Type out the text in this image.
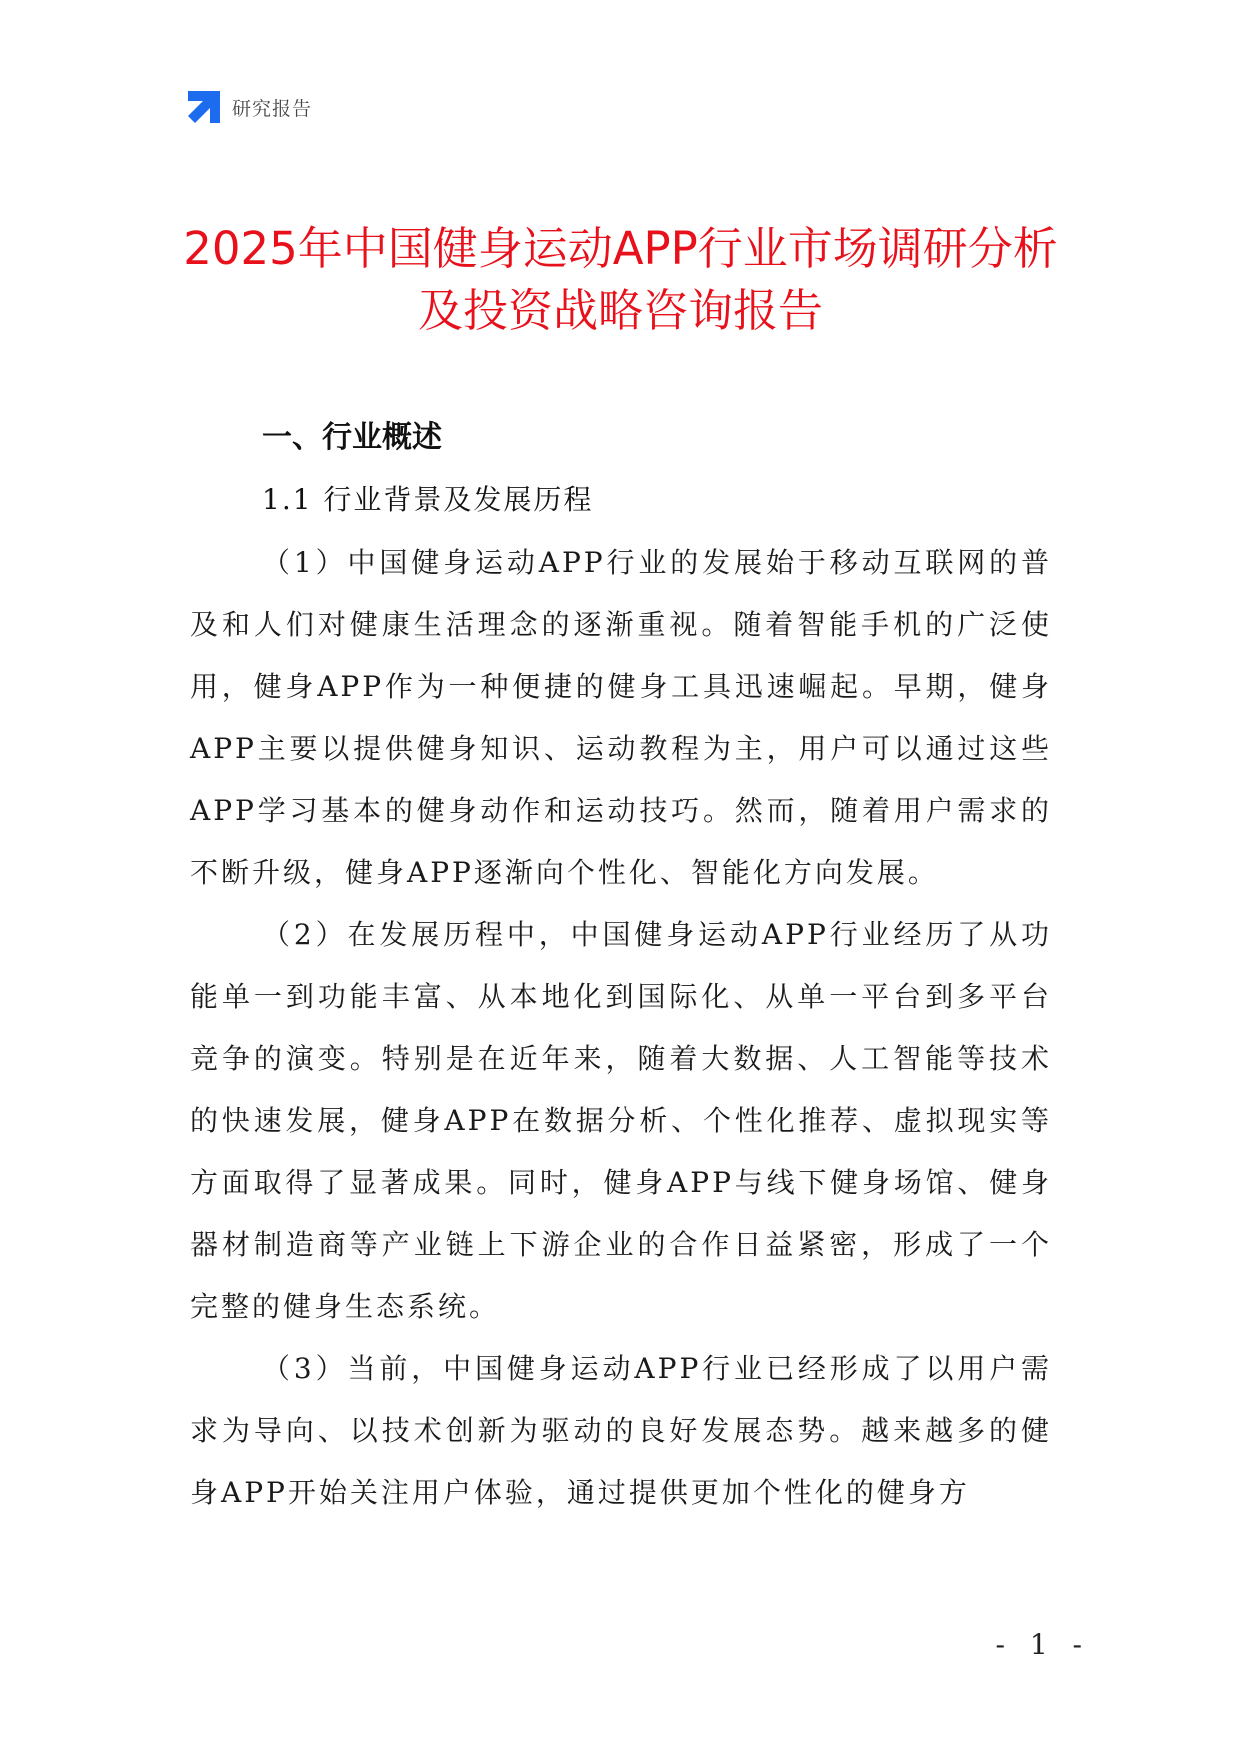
研究报告
2025年中国健身运动APP行业市场调研分析
及投资战略咨询报告
一、行业概述
1.1 行业背景及发展历程

（1）中国健身运动APP行业的发展始于移动互联网的普及和人们对健康生活理念的逐渐重视。随着智能手机的广泛使用，健身APP作为一种便捷的健身工具迅速崛起。早期，健身APP主要以提供健身知识、运动教程为主，用户可以通过这些APP学习基本的健身动作和运动技巧。然而，随着用户需求的不断升级，健身APP逐渐向个性化、智能化方向发展。

（2）在发展历程中，中国健身运动APP行业经历了从功能单一到功能丰富、从本地化到国际化、从单一平台到多平台竞争的演变。特别是在近年来，随着大数据、人工智能等技术的快速发展，健身APP在数据分析、个性化推荐、虚拟现实等方面取得了显著成果。同时，健身APP与线下健身场馆、健身器材制造商等产业链上下游企业的合作日益紧密，形成了一个完整的健身生态系统。

（3）当前，中国健身运动APP行业已经形成了以用户需求为导向、以技术创新为驱动的良好发展态势。越来越多的健身APP开始关注用户体验，通过提供更加个性化的健身方

- 1 -
